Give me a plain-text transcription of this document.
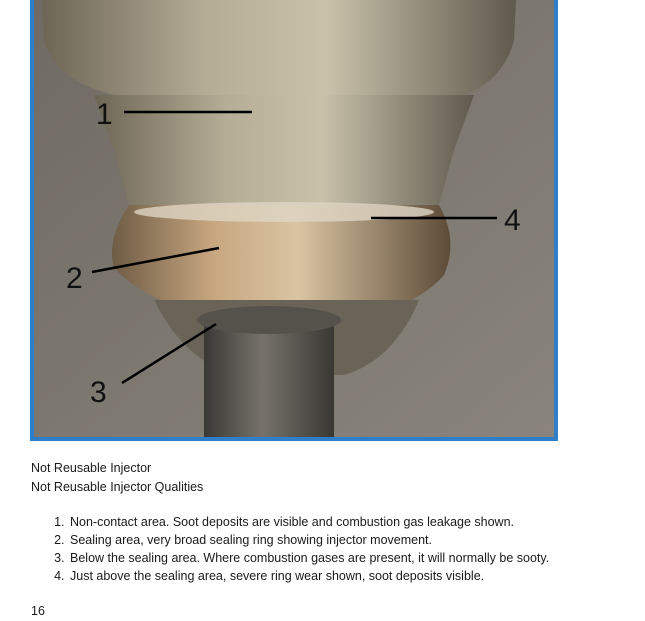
1
4
2
3
Not Reusable Injector
Not Reusable Injector Qualities
1. Non-contact area. Soot deposits are visible and combustion gas leakage shown.
2. Sealing area, very broad sealing ring showing injector movement.
3. Below the sealing area. Where combustion gases are present, it will normally be sooty.
4. Just above the sealing area, severe ring wear shown, soot deposits visible.
16
